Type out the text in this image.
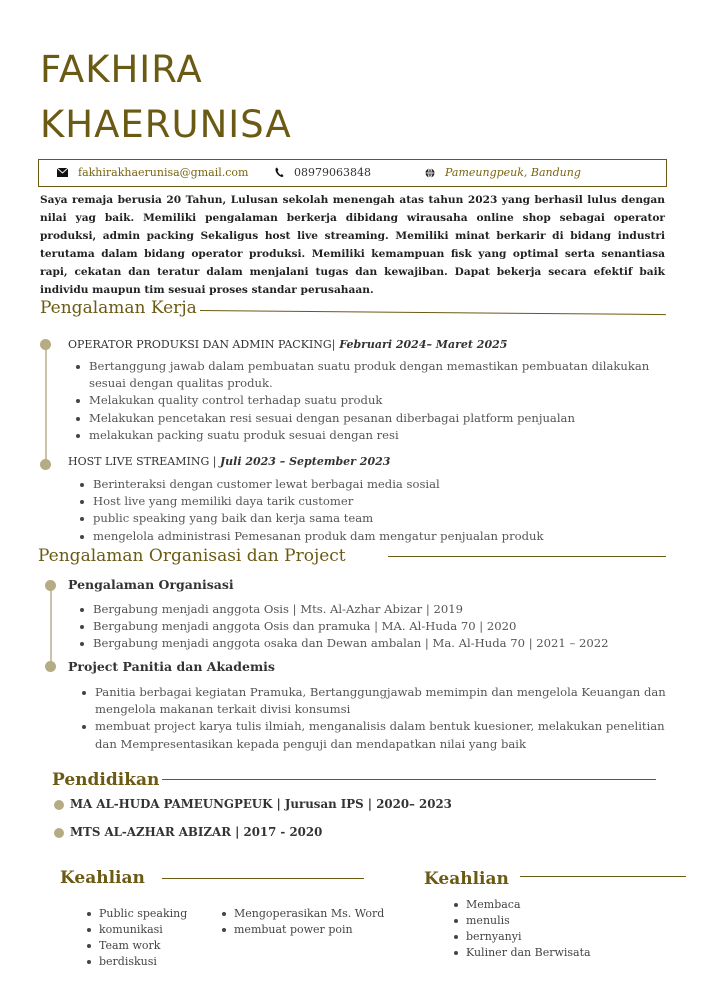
FAKHIRA
KHAERUNISA
fakhirakhaerunisa@gmail.com	08979063848	Pameungpeuk, Bandung
Saya remaja berusia 20 Tahun, Lulusan sekolah menengah atas tahun 2023 yang berhasil lulus dengan nilai yag baik. Memiliki pengalaman berkerja dibidang wirausaha online shop sebagai operator produksi, admin packing Sekaligus host live streaming. Memiliki minat berkarir di bidang industri terutama dalam bidang operator produksi. Memiliki kemampuan fisk yang optimal serta senantiasa rapi, cekatan dan teratur dalam menjalani tugas dan kewajiban. Dapat bekerja secara efektif baik individu maupun tim sesuai proses standar perusahaan.
Pengalaman Kerja
OPERATOR PRODUKSI DAN ADMIN PACKING| Februari 2024– Maret 2025
Bertanggung jawab dalam pembuatan suatu produk dengan memastikan pembuatan dilakukan sesuai dengan qualitas produk.
Melakukan quality control terhadap suatu produk
Melakukan pencetakan resi sesuai dengan pesanan diberbagai platform penjualan
melakukan packing suatu produk sesuai dengan resi
HOST LIVE STREAMING | Juli 2023 – September 2023
Berinteraksi dengan customer lewat berbagai media sosial
Host live yang memiliki daya tarik customer
public speaking yang baik dan kerja sama team
mengelola administrasi Pemesanan produk dam mengatur penjualan produk
Pengalaman Organisasi dan Project
Pengalaman Organisasi
Bergabung menjadi anggota Osis | Mts. Al-Azhar Abizar | 2019
Bergabung menjadi anggota Osis dan pramuka | MA. Al-Huda 70 | 2020
Bergabung menjadi anggota osaka dan Dewan ambalan | Ma. Al-Huda 70 | 2021 – 2022
Project Panitia dan Akademis
Panitia berbagai kegiatan Pramuka, Bertanggungjawab memimpin dan mengelola Keuangan dan mengelola makanan terkait divisi konsumsi
membuat project karya tulis ilmiah, menganalisis dalam bentuk kuesioner, melakukan penelitian dan Mempresentasikan kepada penguji dan mendapatkan nilai yang baik
Pendidikan
MA AL-HUDA PAMEUNGPEUK | Jurusan IPS | 2020– 2023
MTS AL-AZHAR ABIZAR | 2017 - 2020
Keahlian
Public speaking
komunikasi
Team work
berdiskusi
Mengoperasikan Ms. Word
membuat power poin
Keahlian
Membaca
menulis
bernyanyi
Kuliner dan Berwisata
